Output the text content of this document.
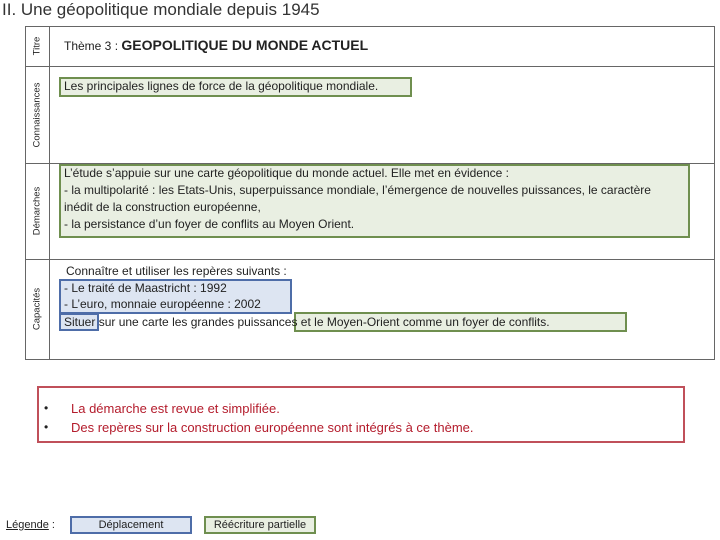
II. Une géopolitique mondiale depuis 1945
Titre
Connaissances
Démarches
Capacités
Thème 3 : GEOPOLITIQUE DU MONDE ACTUEL
Les principales lignes de force de la géopolitique mondiale.
L’étude s’appuie sur une carte géopolitique du monde actuel. Elle met en évidence :
- la multipolarité : les Etats-Unis, superpuissance mondiale, l’émergence de nouvelles puissances, le caractère
inédit de la construction européenne,
- la persistance d’un foyer de conflits au Moyen Orient.
Connaître et utiliser les repères suivants :
- Le traité de Maastricht : 1992
- L’euro, monnaie européenne : 2002
Situer sur une carte les grandes puissances et le Moyen-Orient comme un foyer de conflits.
•
•
La démarche est revue et simplifiée.
Des repères sur la construction européenne sont intégrés à ce thème.
Légende :	Déplacement	Réécriture partielle
